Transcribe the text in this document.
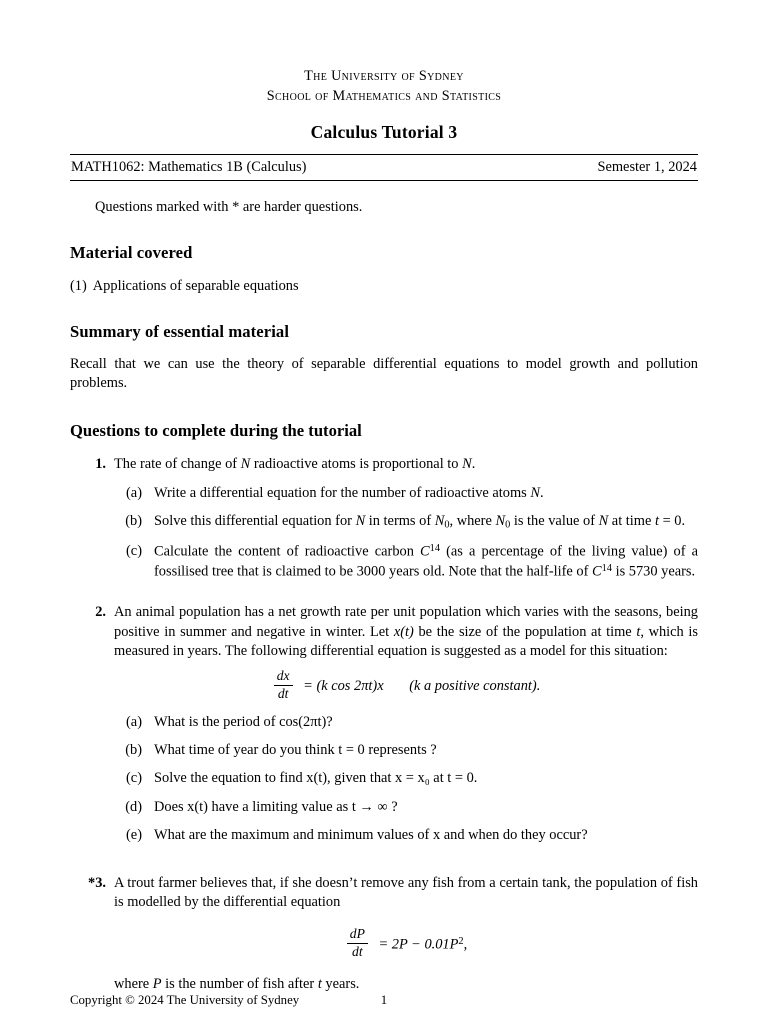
The University of Sydney
School of Mathematics and Statistics
Calculus Tutorial 3
MATH1062: Mathematics 1B (Calculus)	Semester 1, 2024
Questions marked with * are harder questions.
Material covered
(1) Applications of separable equations
Summary of essential material
Recall that we can use the theory of separable differential equations to model growth and pollution problems.
Questions to complete during the tutorial
1. The rate of change of N radioactive atoms is proportional to N.
(a) Write a differential equation for the number of radioactive atoms N.
(b) Solve this differential equation for N in terms of $N_0$, where $N_0$ is the value of N at time t = 0.
(c) Calculate the content of radioactive carbon $C^{14}$ (as a percentage of the living value) of a fossilised tree that is claimed to be 3000 years old. Note that the half-life of $C^{14}$ is 5730 years.
2. An animal population has a net growth rate per unit population which varies with the seasons, being positive in summer and negative in winter. Let x(t) be the size of the population at time t, which is measured in years. The following differential equation is suggested as a model for this situation:
$\frac{dx}{dt} = (k$ cos 2πt)x (k a positive constant).
(a) What is the period of cos(2πt)?
(b) What time of year do you think t = 0 represents ?
(c) Solve the equation to find x(t), given that x = x₀ at t = 0.
(d) Does x(t) have a limiting value as t → ∞ ?
(e) What are the maximum and minimum values of x and when do they occur?
*3. A trout farmer believes that, if she doesn’t remove any fish from a certain tank, the population of fish is modelled by the differential equation
$\frac{dP}{dt} = 2P - 0.01P^2$,
where P is the number of fish after t years.
Copyright © 2024 The University of Sydney	1
